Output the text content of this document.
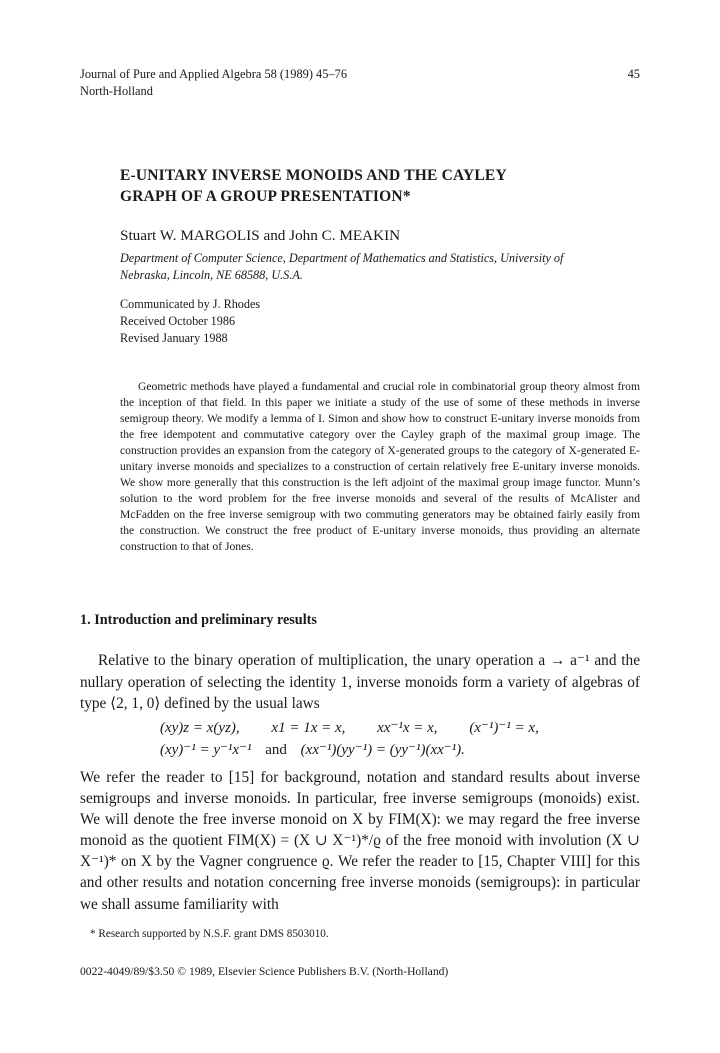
Journal of Pure and Applied Algebra 58 (1989) 45–76
North-Holland
45
E-UNITARY INVERSE MONOIDS AND THE CAYLEY
GRAPH OF A GROUP PRESENTATION*
Stuart W. MARGOLIS and John C. MEAKIN
Department of Computer Science, Department of Mathematics and Statistics, University of
Nebraska, Lincoln, NE 68588, U.S.A.
Communicated by J. Rhodes
Received October 1986
Revised January 1988

Geometric methods have played a fundamental and crucial role in combinatorial group theory almost from the inception of that field. In this paper we initiate a study of the use of some of these methods in inverse semigroup theory. We modify a lemma of I. Simon and show how to construct E-unitary inverse monoids from the free idempotent and commutative category over the Cayley graph of the maximal group image. The construction provides an expansion from the category of X-generated groups to the category of X-generated E-unitary inverse monoids and specializes to a construction of certain relatively free E-unitary inverse monoids. We show more generally that this construction is the left adjoint of the maximal group image functor. Munn’s solution to the word problem for the free inverse monoids and several of the results of McAlister and McFadden on the free inverse semigroup with two commuting generators may be obtained fairly easily from the construction. We construct the free product of E-unitary inverse monoids, thus providing an alternate construction to that of Jones.

1. Introduction and preliminary results

Relative to the binary operation of multiplication, the unary operation a → a⁻¹ and the nullary operation of selecting the identity 1, inverse monoids form a variety of algebras of type ⟨2, 1, 0⟩ defined by the usual laws

(xy)z = x(yz), x1 = 1x = x, xx⁻¹x = x, (x⁻¹)⁻¹ = x,
(xy)⁻¹ = y⁻¹x⁻¹ and (xx⁻¹)(yy⁻¹) = (yy⁻¹)(xx⁻¹).

We refer the reader to [15] for background, notation and standard results about inverse semigroups and inverse monoids. In particular, free inverse semigroups (monoids) exist. We will denote the free inverse monoid on X by FIM(X): we may regard the free inverse monoid as the quotient FIM(X) = (X ∪ X⁻¹)*/ϱ of the free monoid with involution (X ∪ X⁻¹)* on X by the Vagner congruence ϱ. We refer the reader to [15, Chapter VIII] for this and other results and notation concerning free inverse monoids (semigroups): in particular we shall assume familiarity with

* Research supported by N.S.F. grant DMS 8503010.
0022-4049/89/$3.50 © 1989, Elsevier Science Publishers B.V. (North-Holland)
